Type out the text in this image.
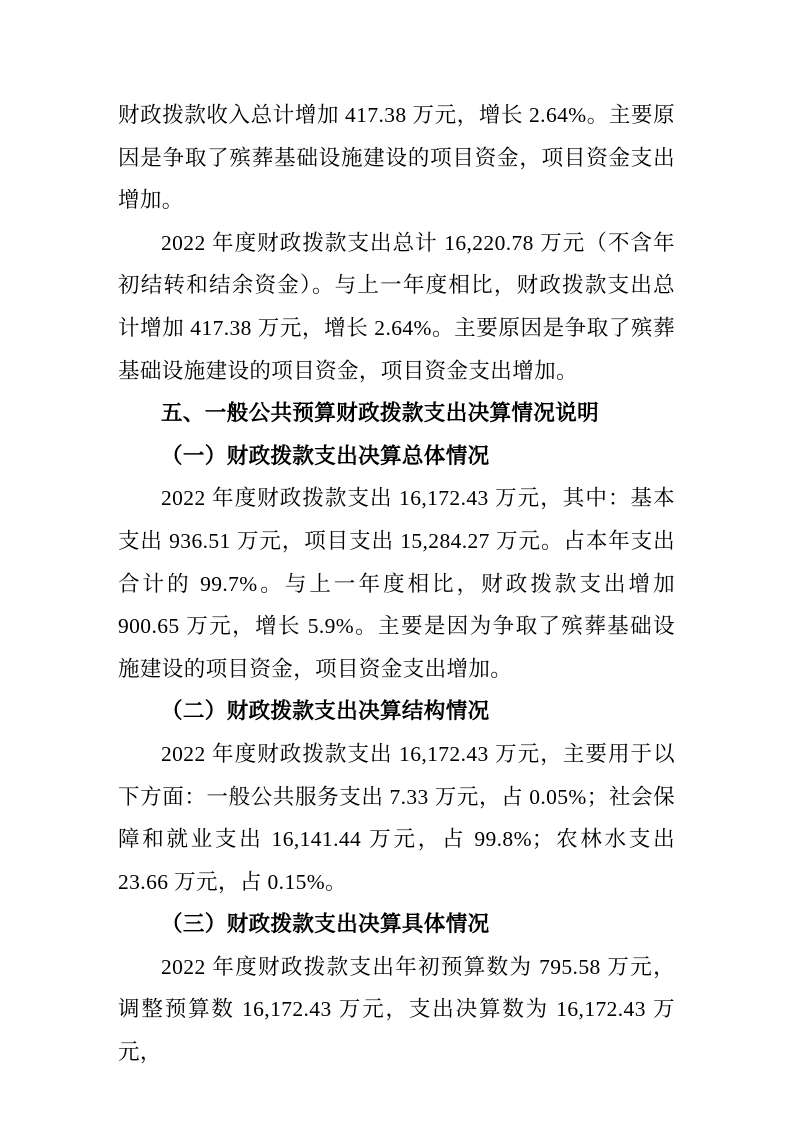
财政拨款收入总计增加 417.38 万元，增长 2.64%。主要原因是争取了殡葬基础设施建设的项目资金，项目资金支出增加。

2022 年度财政拨款支出总计 16,220.78 万元（不含年初结转和结余资金）。与上一年度相比，财政拨款支出总计增加 417.38 万元，增长 2.64%。主要原因是争取了殡葬基础设施建设的项目资金，项目资金支出增加。

五、一般公共预算财政拨款支出决算情况说明
（一）财政拨款支出决算总体情况

2022 年度财政拨款支出 16,172.43 万元，其中：基本支出 936.51 万元，项目支出 15,284.27 万元。占本年支出合计的 99.7%。与上一年度相比，财政拨款支出增加 900.65 万元，增长 5.9%。主要是因为争取了殡葬基础设施建设的项目资金，项目资金支出增加。

（二）财政拨款支出决算结构情况

2022 年度财政拨款支出 16,172.43 万元，主要用于以下方面：一般公共服务支出 7.33 万元，占 0.05%；社会保障和就业支出 16,141.44 万元，占 99.8%；农林水支出 23.66 万元，占 0.15%。

（三）财政拨款支出决算具体情况

2022 年度财政拨款支出年初预算数为 795.58 万元，调整预算数 16,172.43 万元，支出决算数为 16,172.43 万元，
